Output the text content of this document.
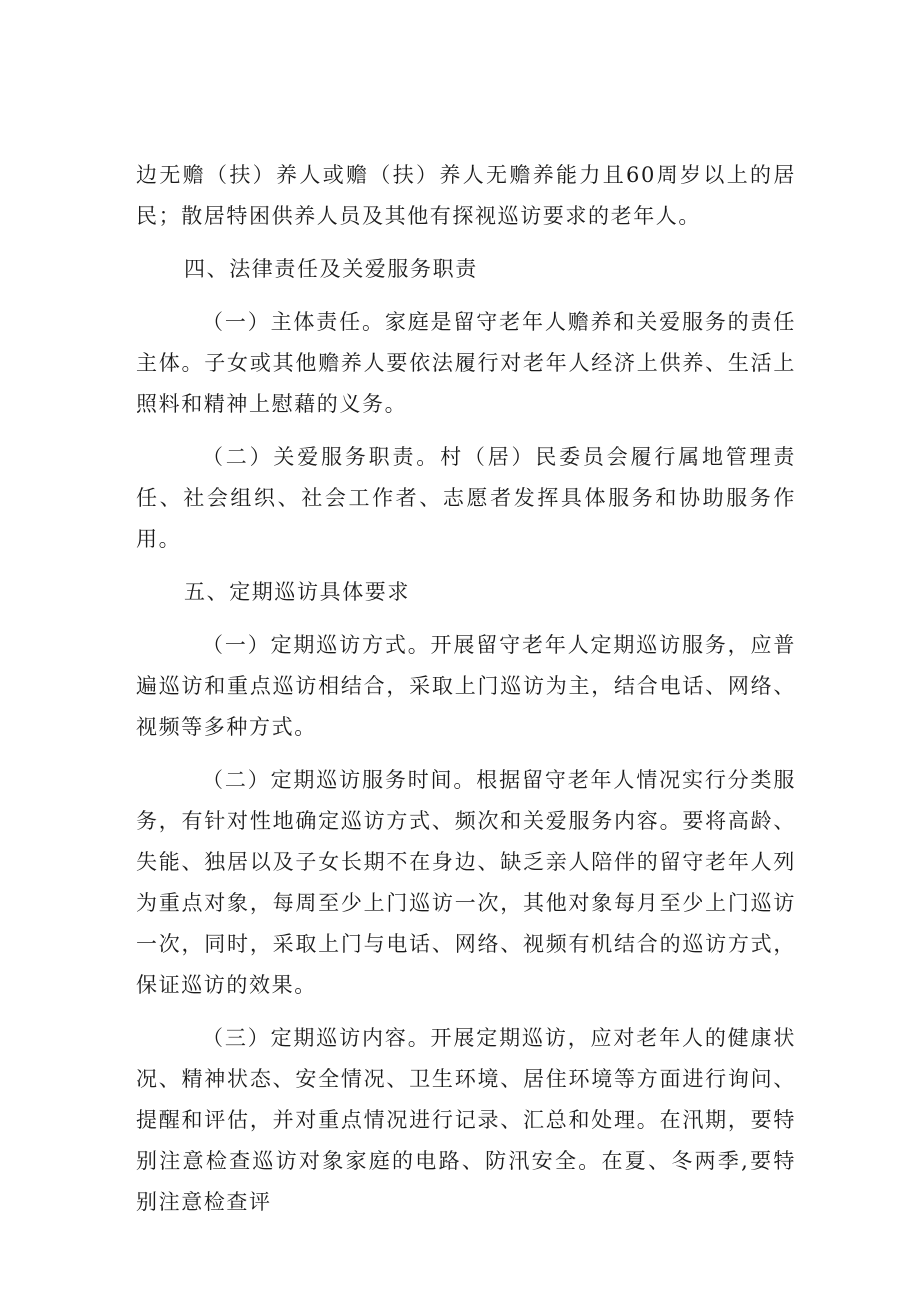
边无赡（扶）养人或赡（扶）养人无赡养能力且60周岁以上的居民；散居特困供养人员及其他有探视巡访要求的老年人。

四、法律责任及关爱服务职责

（一）主体责任。家庭是留守老年人赡养和关爱服务的责任主体。子女或其他赡养人要依法履行对老年人经济上供养、生活上照料和精神上慰藉的义务。

（二）关爱服务职责。村（居）民委员会履行属地管理责任、社会组织、社会工作者、志愿者发挥具体服务和协助服务作用。

五、定期巡访具体要求

（一）定期巡访方式。开展留守老年人定期巡访服务，应普遍巡访和重点巡访相结合，采取上门巡访为主，结合电话、网络、视频等多种方式。

（二）定期巡访服务时间。根据留守老年人情况实行分类服务，有针对性地确定巡访方式、频次和关爱服务内容。要将高龄、失能、独居以及子女长期不在身边、缺乏亲人陪伴的留守老年人列为重点对象，每周至少上门巡访一次，其他对象每月至少上门巡访一次，同时，采取上门与电话、网络、视频有机结合的巡访方式，保证巡访的效果。

（三）定期巡访内容。开展定期巡访，应对老年人的健康状况、精神状态、安全情况、卫生环境、居住环境等方面进行询问、提醒和评估，并对重点情况进行记录、汇总和处理。在汛期，要特别注意检查巡访对象家庭的电路、防汛安全。在夏、冬两季,要特别注意检查评
